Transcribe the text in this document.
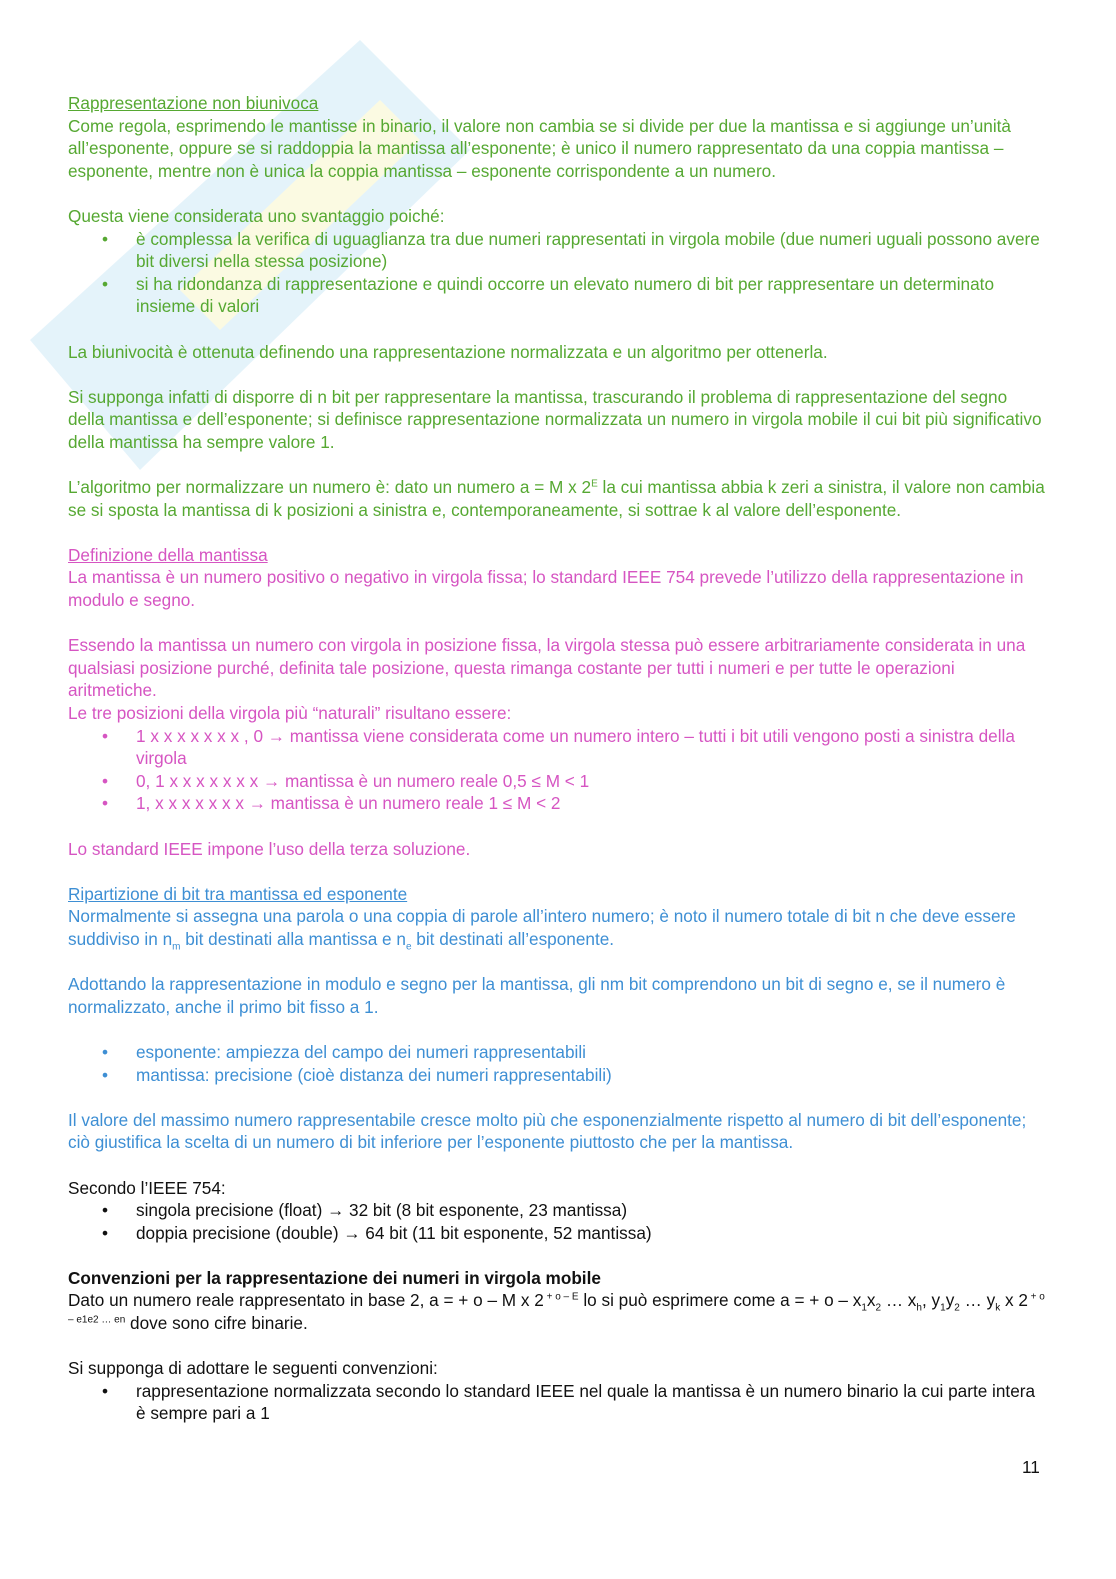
Rappresentazione non biunivoca

Come regola, esprimendo le mantisse in binario, il valore non cambia se si divide per due la mantissa e si aggiunge un’unità all’esponente, oppure se si raddoppia la mantissa all’esponente; è unico il numero rappresentato da una coppia mantissa – esponente, mentre non è unica la coppia mantissa – esponente corrispondente a un numero.

Questa viene considerata uno svantaggio poiché:

• è complessa la verifica di uguaglianza tra due numeri rappresentati in virgola mobile (due numeri uguali possono avere bit diversi nella stessa posizione)
• si ha ridondanza di rappresentazione e quindi occorre un elevato numero di bit per rappresentare un determinato insieme di valori

La biunivocità è ottenuta definendo una rappresentazione normalizzata e un algoritmo per ottenerla.

Si supponga infatti di disporre di n bit per rappresentare la mantissa, trascurando il problema di rappresentazione del segno della mantissa e dell’esponente; si definisce rappresentazione normalizzata un numero in virgola mobile il cui bit più significativo della mantissa ha sempre valore 1.

L’algoritmo per normalizzare un numero è: dato un numero a = M x $2^E$ la cui mantissa abbia k zeri a sinistra, il valore non cambia se si sposta la mantissa di k posizioni a sinistra e, contemporaneamente, si sottrae k al valore dell’esponente.

Definizione della mantissa

La mantissa è un numero positivo o negativo in virgola fissa; lo standard IEEE 754 prevede l’utilizzo della rappresentazione in modulo e segno.

Essendo la mantissa un numero con virgola in posizione fissa, la virgola stessa può essere arbitrariamente considerata in una qualsiasi posizione purché, definita tale posizione, questa rimanga costante per tutti i numeri e per tutte le operazioni aritmetiche.

Le tre posizioni della virgola più “naturali” risultano essere:

• 1 x x x x x x x , 0 → mantissa viene considerata come un numero intero – tutti i bit utili vengono posti a sinistra della virgola
• 0, 1 x x x x x x x → mantissa è un numero reale 0,5 ≤ M < 1
• 1, x x x x x x x → mantissa è un numero reale 1 ≤ M < 2

Lo standard IEEE impone l’uso della terza soluzione.

Ripartizione di bit tra mantissa ed esponente

Normalmente si assegna una parola o una coppia di parole all’intero numero; è noto il numero totale di bit n che deve essere suddiviso in $n_m$ bit destinati alla mantissa e $n_e$ bit destinati all’esponente.

Adottando la rappresentazione in modulo e segno per la mantissa, gli nm bit comprendono un bit di segno e, se il numero è normalizzato, anche il primo bit fisso a 1.

• esponente: ampiezza del campo dei numeri rappresentabili
• mantissa: precisione (cioè distanza dei numeri rappresentabili)

Il valore del massimo numero rappresentabile cresce molto più che esponenzialmente rispetto al numero di bit dell’esponente; ciò giustifica la scelta di un numero di bit inferiore per l’esponente piuttosto che per la mantissa.

Secondo l’IEEE 754:

• singola precisione (float) → 32 bit (8 bit esponente, 23 mantissa)
• doppia precisione (double) → 64 bit (11 bit esponente, 52 mantissa)

Convenzioni per la rappresentazione dei numeri in virgola mobile

Dato un numero reale rappresentato in base 2, a = + o – M x 2 $^{+ o - E}$ lo si può esprimere come a = + o – $x_1x_2$ … $x_h$, $y_1y_2$ … $y_k$ x 2 $^{+ o - e1e2 \dots en}$ dove sono cifre binarie.

Si supponga di adottare le seguenti convenzioni:

• rappresentazione normalizzata secondo lo standard IEEE nel quale la mantissa è un numero binario la cui parte intera è sempre pari a 1
11
